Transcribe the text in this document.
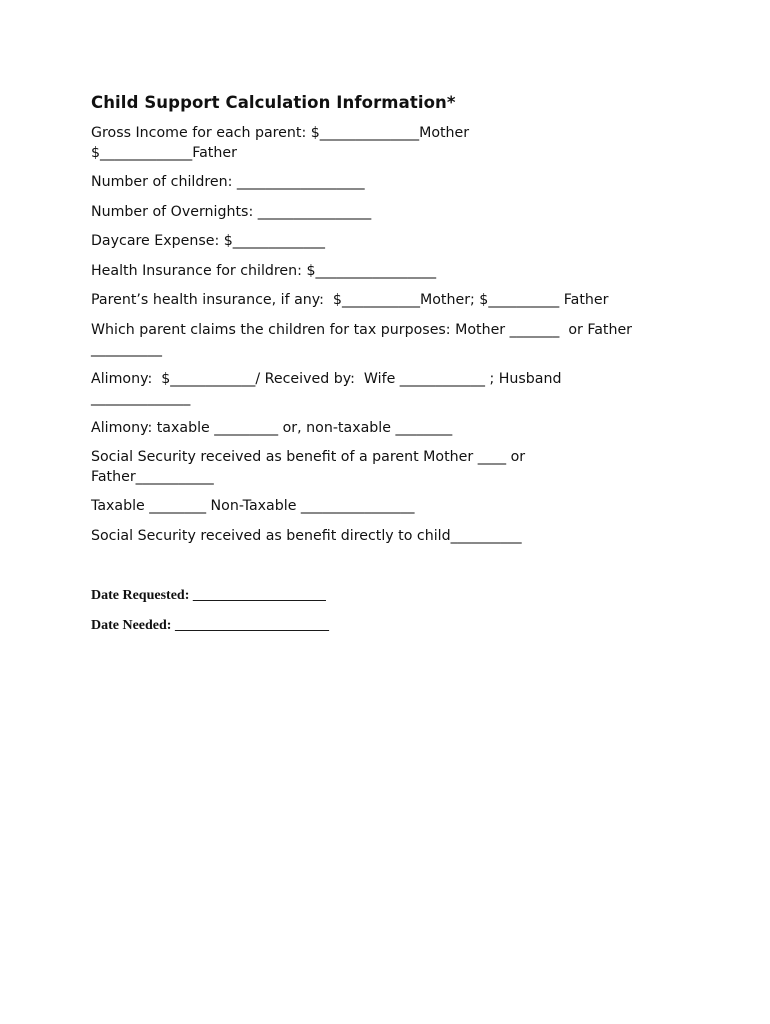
Child Support Calculation Information*
Gross Income for each parent: $______________Mother
$_____________Father
Number of children: __________________
Number of Overnights: ________________
Daycare Expense: $_____________
Health Insurance for children: $_________________
Parent’s health insurance, if any:  $___________Mother; $__________ Father
Which parent claims the children for tax purposes: Mother _______  or Father
__________
Alimony:  $____________/ Received by:  Wife ____________ ; Husband
______________
Alimony: taxable _________ or, non-taxable ________
Social Security received as benefit of a parent Mother ____ or
Father___________
Taxable ________ Non-Taxable ________________
Social Security received as benefit directly to child__________
Date Requested: ___________________
Date Needed: ______________________
